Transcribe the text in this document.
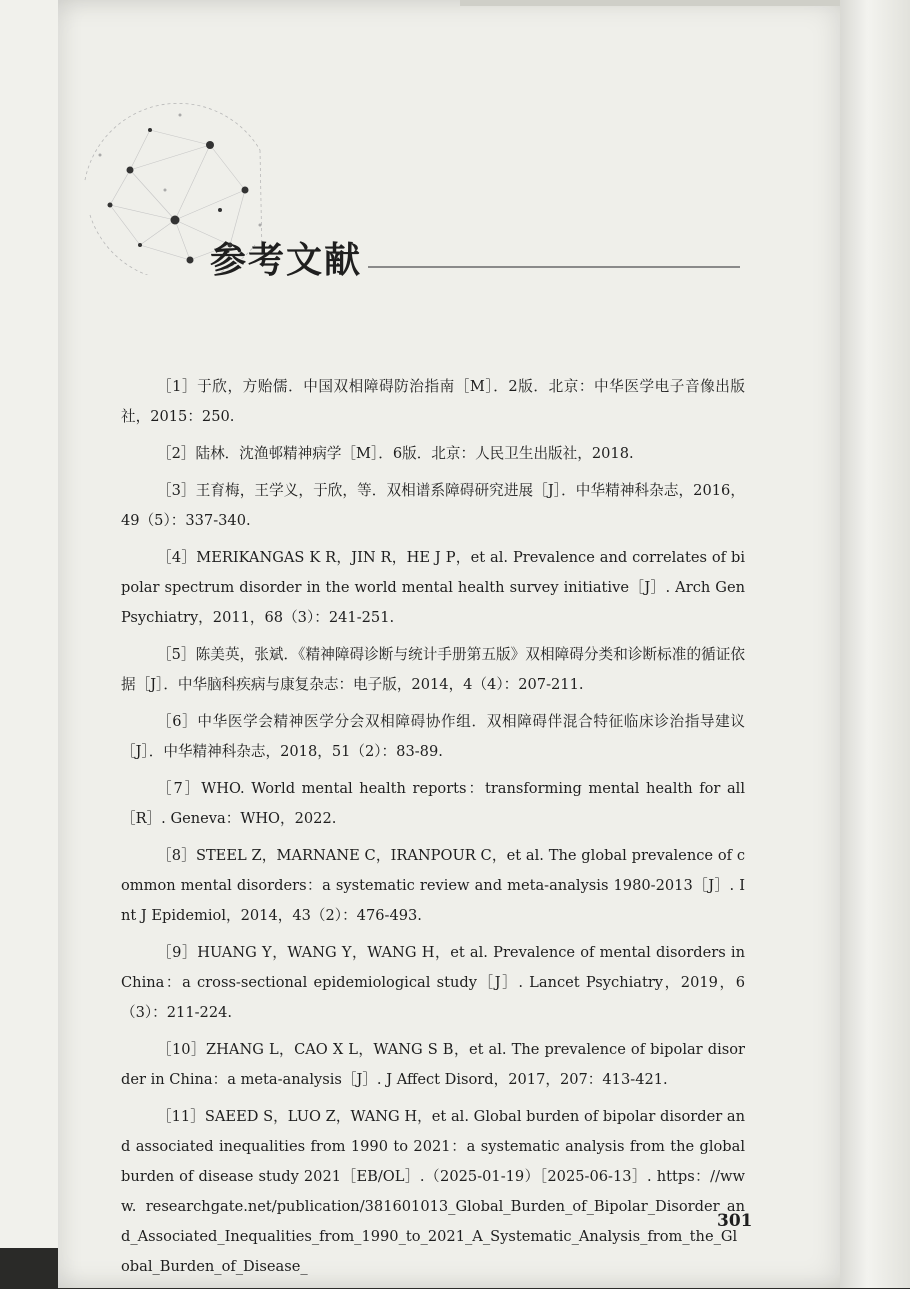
参考文献

［1］于欣，方贻儒．中国双相障碍防治指南［M］．2版．北京：中华医学电子音像出版社，2015：250.

［2］陆林．沈渔邨精神病学［M］．6版．北京：人民卫生出版社，2018.

［3］王育梅，王学义，于欣，等．双相谱系障碍研究进展［J］．中华精神科杂志，2016，49（5）：337-340.

［4］MERIKANGAS K R，JIN R，HE J P，et al. Prevalence and correlates of bipolar spectrum disorder in the world mental health survey initiative［J］. Arch Gen Psychiatry，2011，68（3）：241-251.

［5］陈美英，张斌．《精神障碍诊断与统计手册第五版》双相障碍分类和诊断标准的循证依据［J］．中华脑科疾病与康复杂志：电子版，2014，4（4）：207-211.

［6］中华医学会精神医学分会双相障碍协作组．双相障碍伴混合特征临床诊治指导建议［J］．中华精神科杂志，2018，51（2）：83-89.

［7］WHO. World mental health reports：transforming mental health for all［R］. Geneva：WHO，2022.

［8］STEEL Z，MARNANE C，IRANPOUR C，et al. The global prevalence of common mental disorders：a systematic review and meta-analysis 1980-2013［J］. Int J Epidemiol，2014，43（2）：476-493.

［9］HUANG Y，WANG Y，WANG H，et al. Prevalence of mental disorders in China：a cross-sectional epidemiological study［J］. Lancet Psychiatry，2019，6（3）：211-224.

［10］ZHANG L，CAO X L，WANG S B，et al. The prevalence of bipolar disorder in China：a meta-analysis［J］. J Affect Disord，2017，207：413-421.

［11］SAEED S，LUO Z，WANG H，et al. Global burden of bipolar disorder and associated inequalities from 1990 to 2021：a systematic analysis from the global burden of disease study 2021［EB/OL］.（2025-01-19）［2025-06-13］. https：//www. researchgate.net/publication/381601013_Global_Burden_of_Bipolar_Disorder_and_Associated_Inequalities_from_1990_to_2021_A_Systematic_Analysis_from_the_Global_Burden_of_Disease_

301
